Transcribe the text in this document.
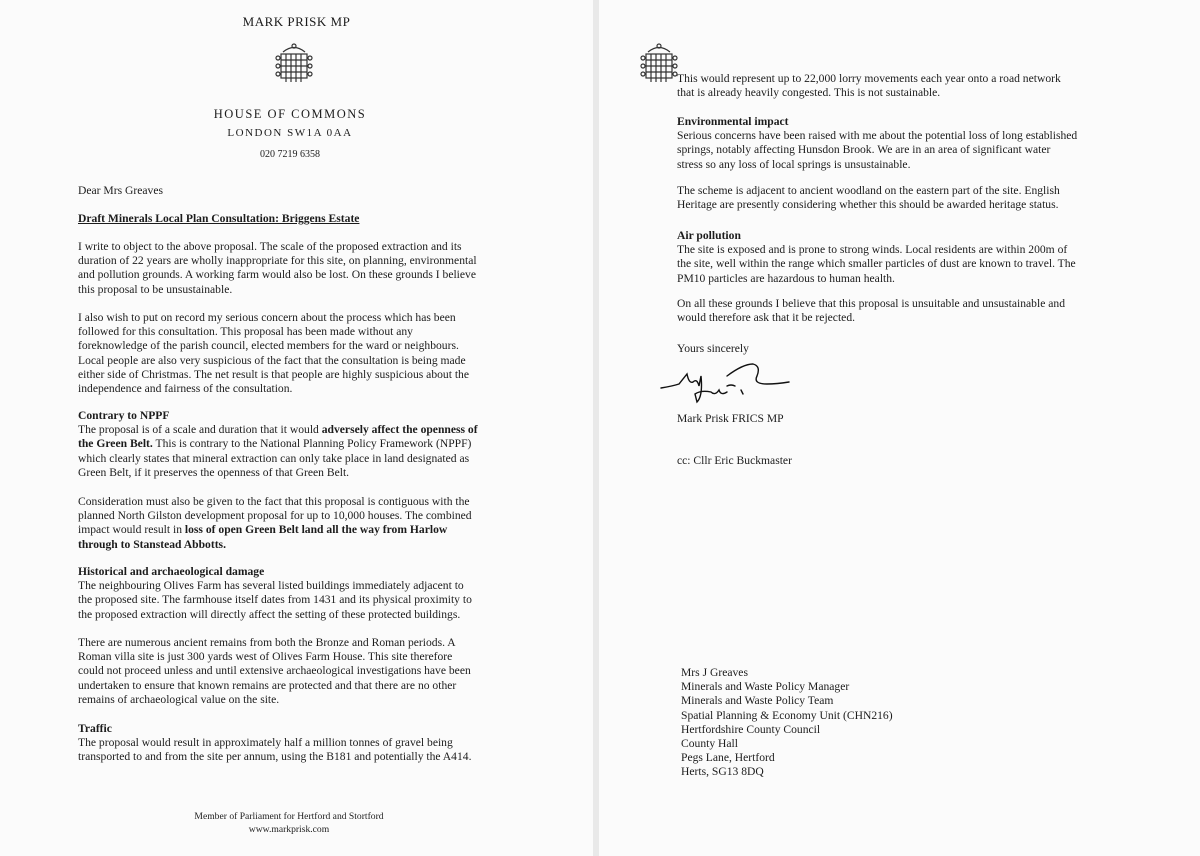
MARK PRISK MP
HOUSE OF COMMONS
LONDON SW1A 0AA
020 7219 6358
Dear Mrs Greaves
Draft Minerals Local Plan Consultation: Briggens Estate
I write to object to the above proposal. The scale of the proposed extraction and its
duration of 22 years are wholly inappropriate for this site, on planning, environmental
and pollution grounds. A working farm would also be lost. On these grounds I believe
this proposal to be unsustainable.
I also wish to put on record my serious concern about the process which has been
followed for this consultation. This proposal has been made without any
foreknowledge of the parish council, elected members for the ward or neighbours.
Local people are also very suspicious of the fact that the consultation is being made
either side of Christmas. The net result is that people are highly suspicious about the
independence and fairness of the consultation.
Contrary to NPPF
The proposal is of a scale and duration that it would adversely affect the openness of
the Green Belt. This is contrary to the National Planning Policy Framework (NPPF)
which clearly states that mineral extraction can only take place in land designated as
Green Belt, if it preserves the openness of that Green Belt.
Consideration must also be given to the fact that this proposal is contiguous with the
planned North Gilston development proposal for up to 10,000 houses. The combined
impact would result in loss of open Green Belt land all the way from Harlow
through to Stanstead Abbotts.
Historical and archaeological damage
The neighbouring Olives Farm has several listed buildings immediately adjacent to
the proposed site. The farmhouse itself dates from 1431 and its physical proximity to
the proposed extraction will directly affect the setting of these protected buildings.
There are numerous ancient remains from both the Bronze and Roman periods. A
Roman villa site is just 300 yards west of Olives Farm House. This site therefore
could not proceed unless and until extensive archaeological investigations have been
undertaken to ensure that known remains are protected and that there are no other
remains of archaeological value on the site.
Traffic
The proposal would result in approximately half a million tonnes of gravel being
transported to and from the site per annum, using the B181 and potentially the A414.
Member of Parliament for Hertford and Stortford
www.markprisk.com
This would represent up to 22,000 lorry movements each year onto a road network
that is already heavily congested. This is not sustainable.
Environmental impact
Serious concerns have been raised with me about the potential loss of long established
springs, notably affecting Hunsdon Brook. We are in an area of significant water
stress so any loss of local springs is unsustainable.
The scheme is adjacent to ancient woodland on the eastern part of the site. English
Heritage are presently considering whether this should be awarded heritage status.
Air pollution
The site is exposed and is prone to strong winds. Local residents are within 200m of
the site, well within the range which smaller particles of dust are known to travel. The
PM10 particles are hazardous to human health.
On all these grounds I believe that this proposal is unsuitable and unsustainable and
would therefore ask that it be rejected.
Yours sincerely
Mark Prisk FRICS MP
cc: Cllr Eric Buckmaster
Mrs J Greaves
Minerals and Waste Policy Manager
Minerals and Waste Policy Team
Spatial Planning & Economy Unit (CHN216)
Hertfordshire County Council
County Hall
Pegs Lane, Hertford
Herts, SG13 8DQ
